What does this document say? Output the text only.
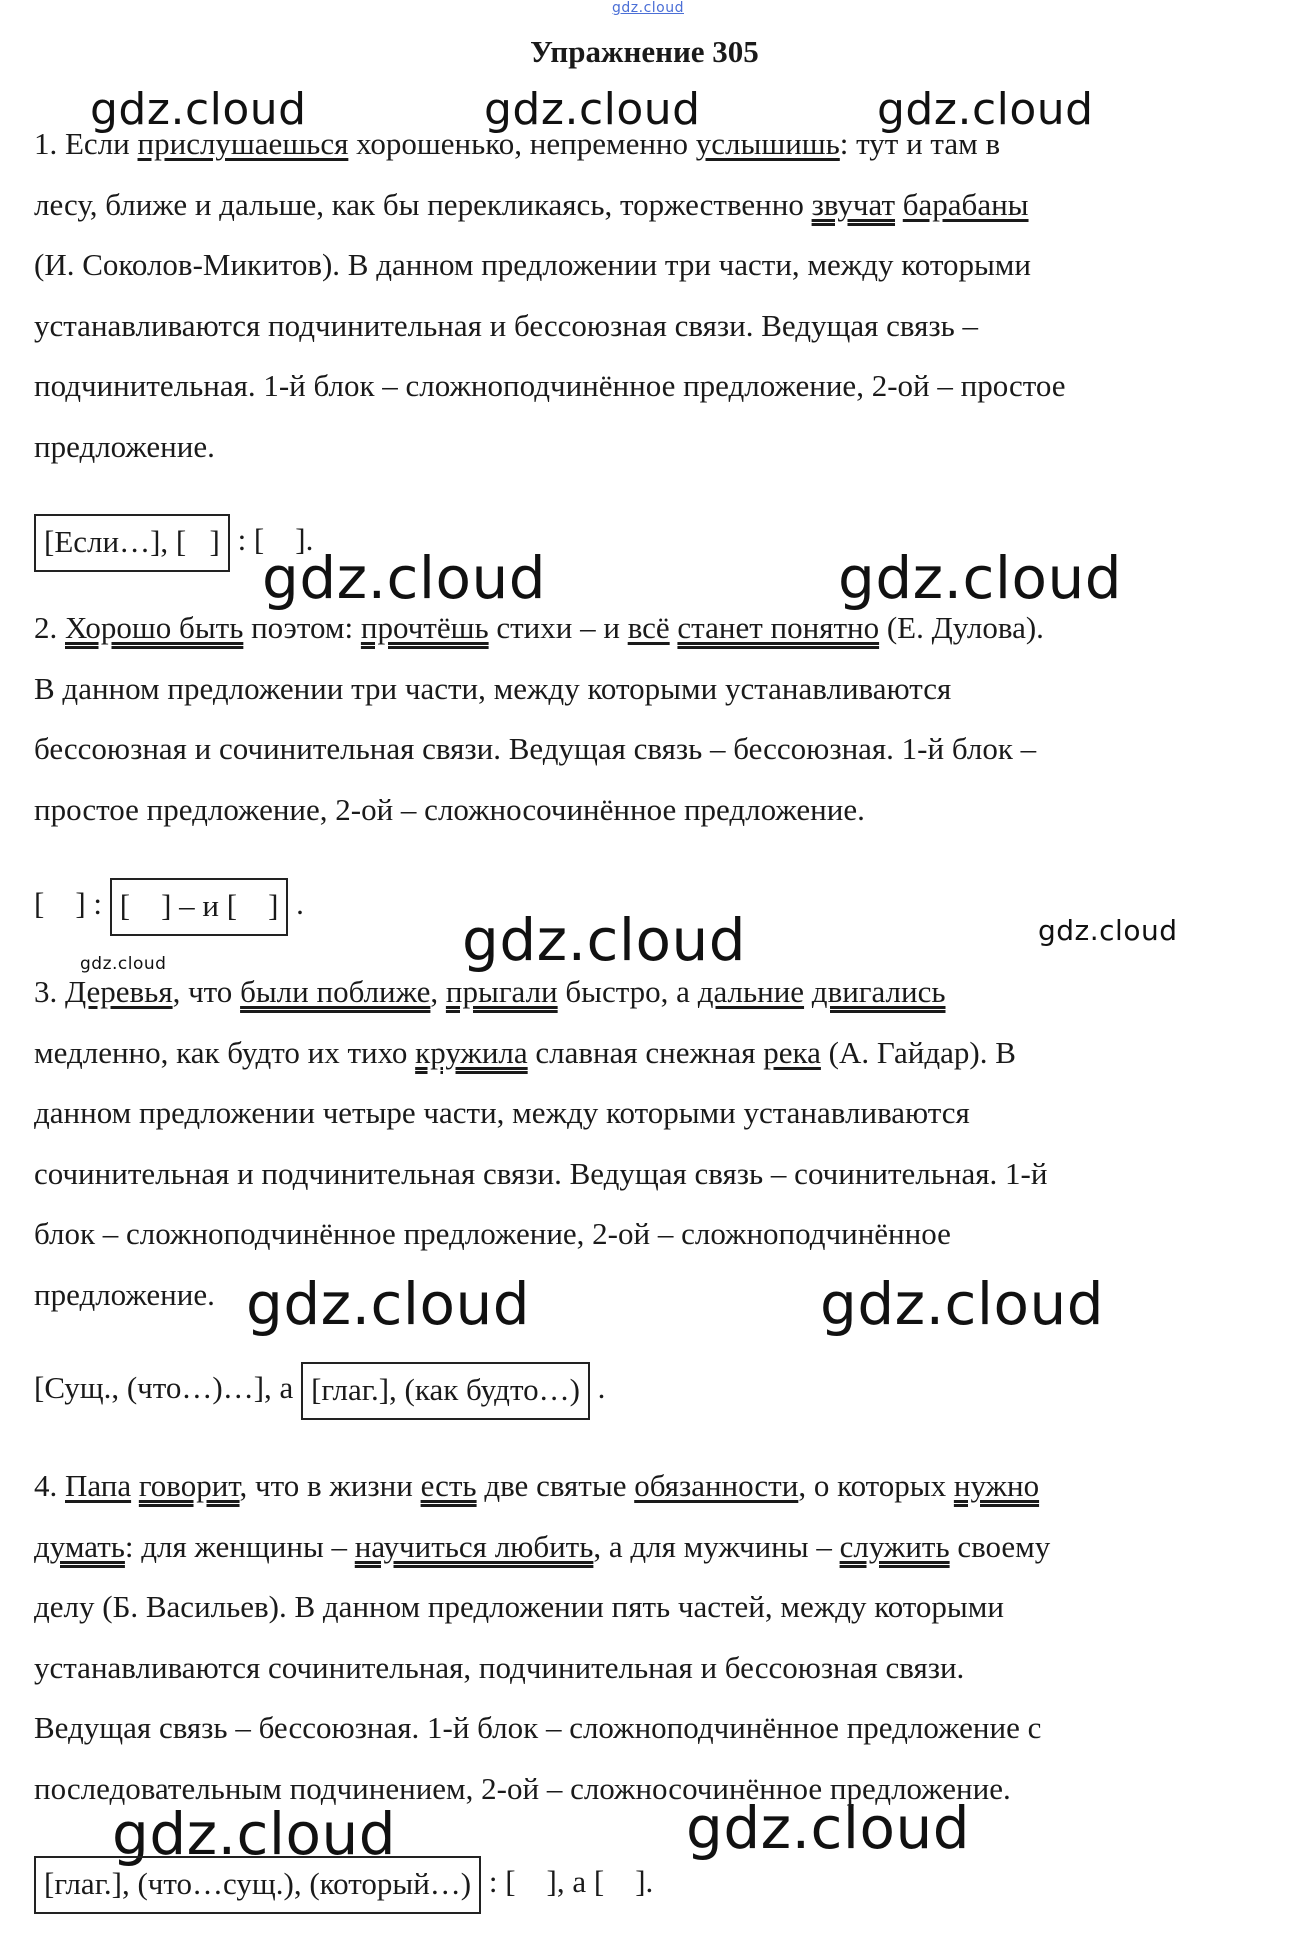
gdz.cloud
gdz.cloud	gdz.cloud	gdz.cloud
gdz.cloud	gdz.cloud
gdz.cloud	gdz.cloud
gdz.cloud
gdz.cloud	gdz.cloud
gdz.cloud	gdz.cloud
Упражнение 305
1. Если прислушаешься хорошенько, непременно услышишь: тут и там в
лесу, ближе и дальше, как бы перекликаясь, торжественно звучат барабаны
(И. Соколов-Микитов). В данном предложении три части, между которыми
устанавливаются подчинительная и бессоюзная связи. Ведущая связь –
подчинительная. 1-й блок – сложноподчинённое предложение, 2-ой – простое
предложение.
[Если…], [   ] : [    ].
2. Хорошо быть поэтом: прочтёшь стихи – и всё станет понятно (Е. Дулова).
В данном предложении три части, между которыми устанавливаются
бессоюзная и сочинительная связи. Ведущая связь – бессоюзная. 1-й блок –
простое предложение, 2-ой – сложносочинённое предложение.
[    ] : [    ] – и [    ] .
3. Деревья, что были поближе, прыгали быстро, а дальние двигались
медленно, как будто их тихо кружила славная снежная река (А. Гайдар). В
данном предложении четыре части, между которыми устанавливаются
сочинительная и подчинительная связи. Ведущая связь – сочинительная. 1-й
блок – сложноподчинённое предложение, 2-ой – сложноподчинённое
предложение.
[Сущ., (что…)…], а [глаг.], (как будто…) .
4. Папа говорит, что в жизни есть две святые обязанности, о которых нужно
думать: для женщины – научиться любить, а для мужчины – служить своему
делу (Б. Васильев). В данном предложении пять частей, между которыми
устанавливаются сочинительная, подчинительная и бессоюзная связи.
Ведущая связь – бессоюзная. 1-й блок – сложноподчинённое предложение с
последовательным подчинением, 2-ой – сложносочинённое предложение.
[глаг.], (что…сущ.), (который…) : [    ], а [    ].
